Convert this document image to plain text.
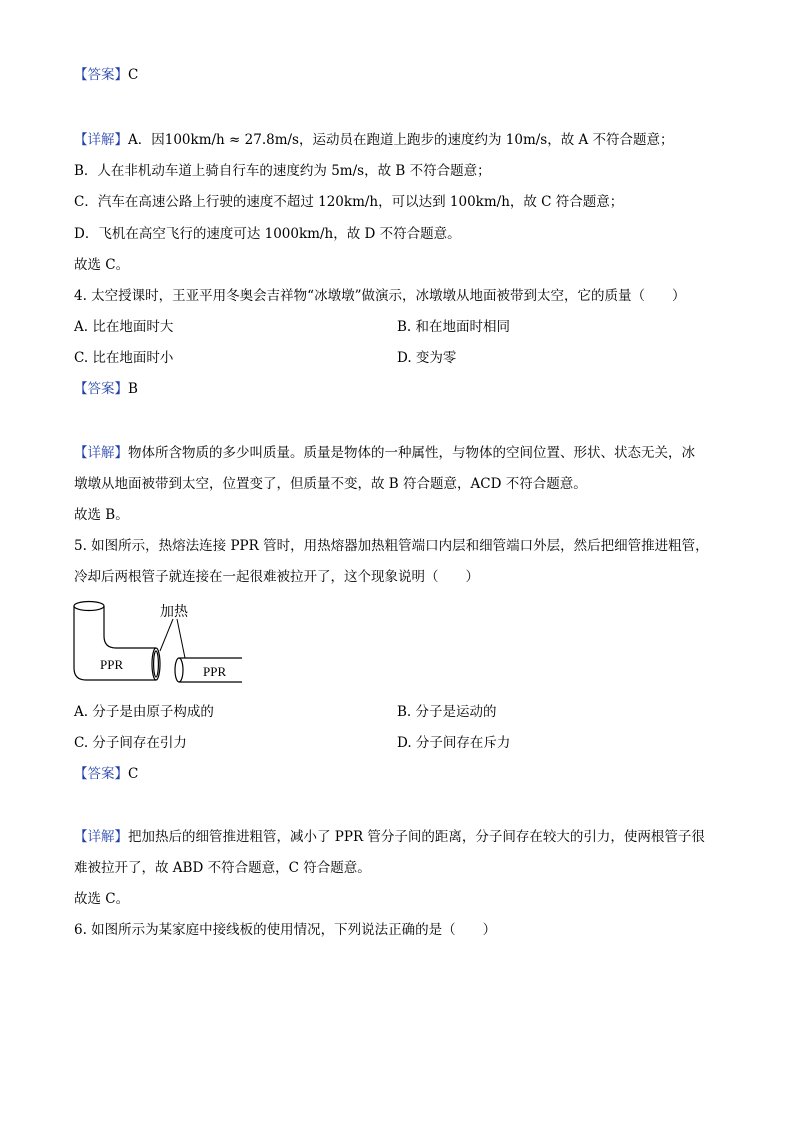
【答案】C
【详解】A．因100km/h ≈ 27.8m/s，运动员在跑道上跑步的速度约为 10m/s，故 A 不符合题意；
B．人在非机动车道上骑自行车的速度约为 5m/s，故 B 不符合题意；
C．汽车在高速公路上行驶的速度不超过 120km/h，可以达到 100km/h，故 C 符合题意；
D．飞机在高空飞行的速度可达 1000km/h，故 D 不符合题意。
故选 C。
4. 太空授课时，王亚平用冬奥会吉祥物“冰墩墩”做演示，冰墩墩从地面被带到太空，它的质量（　　）
A. 比在地面时大	B. 和在地面时相同
C. 比在地面时小	D. 变为零
【答案】B
【详解】物体所含物质的多少叫质量。质量是物体的一种属性，与物体的空间位置、形状、状态无关，冰
墩墩从地面被带到太空，位置变了，但质量不变，故 B 符合题意，ACD 不符合题意。
故选 B。
5. 如图所示，热熔法连接 PPR 管时，用热熔器加热粗管端口内层和细管端口外层，然后把细管推进粗管，
冷却后两根管子就连接在一起很难被拉开了，这个现象说明（　　）
加热
PPR	PPR
A. 分子是由原子构成的	B. 分子是运动的
C. 分子间存在引力	D. 分子间存在斥力
【答案】C
【详解】把加热后的细管推进粗管，减小了 PPR 管分子间的距离，分子间存在较大的引力，使两根管子很
难被拉开了，故 ABD 不符合题意，C 符合题意。
故选 C。
6. 如图所示为某家庭中接线板的使用情况，下列说法正确的是（　　）
